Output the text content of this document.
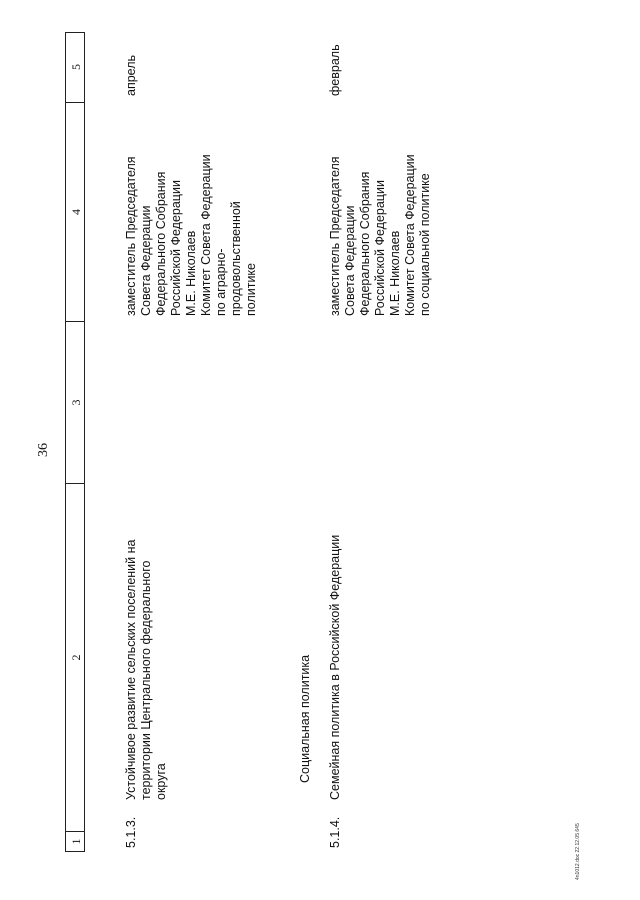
36
1
2
3
4
5
5.1.3.
Устойчивое развитие сельских поселений на
территории Центрального федерального
округа
заместитель Председателя
Совета Федерации
Федерального Собрания
Российской Федерации
М.Е. Николаев
Комитет Совета Федерации
по аграрно-
продовольственной
политике
апрель
Социальная политика
5.1.4.
Семейная политика в Российской Федерации
заместитель Председателя
Совета Федерации
Федерального Собрания
Российской Федерации
М.Е. Николаев
Комитет Совета Федерации
по социальной политике
февраль
4n1012.doc 22.12.05 645
